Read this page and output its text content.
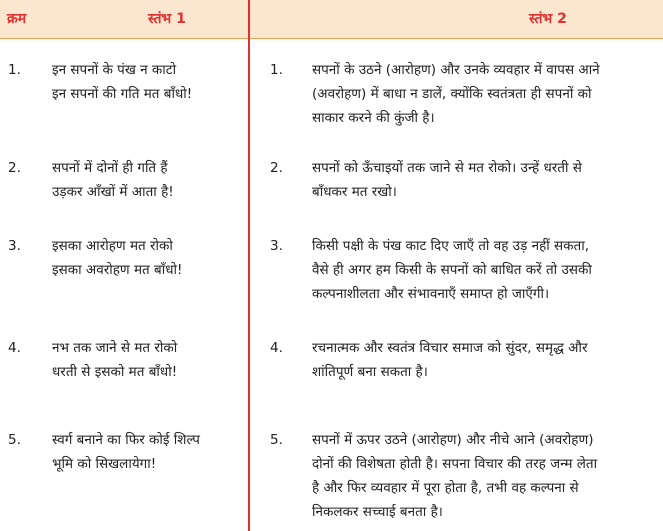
क्रम	स्तंभ 1	स्तंभ 2
1. इन सपनों के पंख न काटो
इन सपनों की गति मत बाँधो!
1. सपनों के उठने (आरोहण) और उनके व्यवहार में वापस आने
(अवरोहण) में बाधा न डालें, क्योंकि स्वतंत्रता ही सपनों को
साकार करने की कुंजी है।
2. सपनों में दोनों ही गति हैं
उड़कर आँखों में आता है!
2. सपनों को ऊँचाइयों तक जाने से मत रोको। उन्हें धरती से
बाँधकर मत रखो।
3. इसका आरोहण मत रोको
इसका अवरोहण मत बाँधो!
3. किसी पक्षी के पंख काट दिए जाएँ तो वह उड़ नहीं सकता,
वैसे ही अगर हम किसी के सपनों को बाधित करें तो उसकी
कल्पनाशीलता और संभावनाएँ समाप्त हो जाएँगी।
4. नभ तक जाने से मत रोको
धरती से इसको मत बाँधो!
4. रचनात्मक और स्वतंत्र विचार समाज को सुंदर, समृद्ध और
शांतिपूर्ण बना सकता है।
5. स्वर्ग बनाने का फिर कोई शिल्प
भूमि को सिखलायेगा!
5. सपनों में ऊपर उठने (आरोहण) और नीचे आने (अवरोहण)
दोनों की विशेषता होती है। सपना विचार की तरह जन्म लेता
है और फिर व्यवहार में पूरा होता है, तभी वह कल्पना से
निकलकर सच्चाई बनता है।
